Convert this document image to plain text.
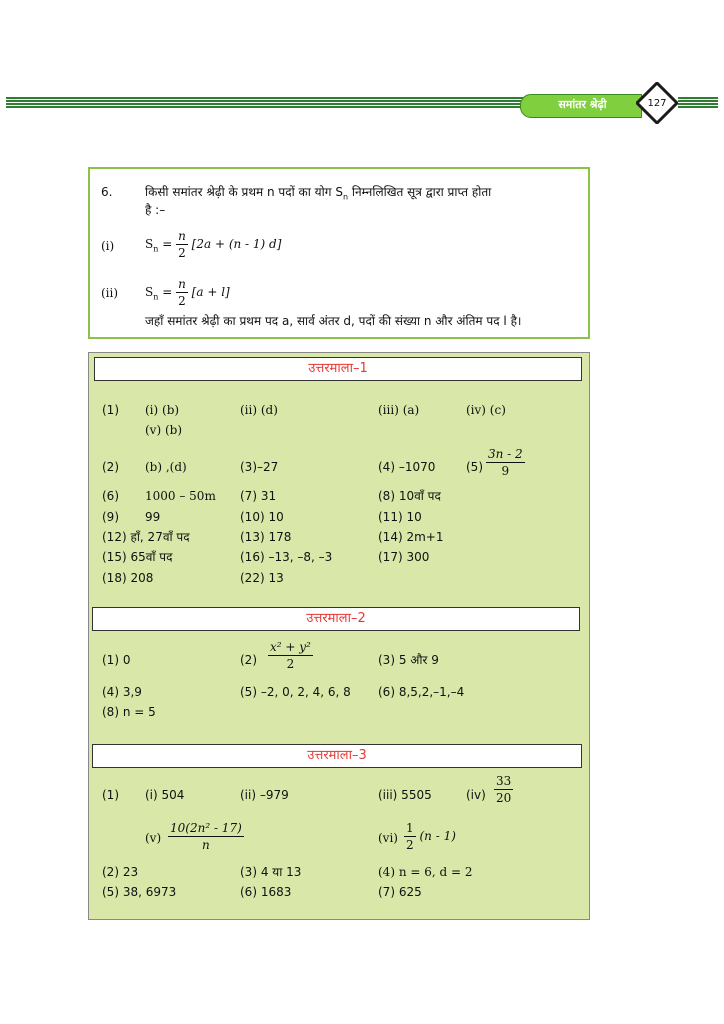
समांतर श्रेढ़ी	127
6.	किसी समांतर श्रेढ़ी के प्रथम n पदों का योग $S_n$ निम्नलिखित सूत्र द्वारा प्राप्त होता
है :–
(i)	$S_n = \frac{n}{2} [2a + (n - 1)$ d]
(ii) $S_n = \frac{n}{2} [a + l]$
जहाँ समांतर श्रेढ़ी का प्रथम पद a, सार्व अंतर d, पदों की संख्या n और अंतिम पद l है।
उत्तरमाला–1
(1) (i) (b)	(ii) (d)	(iii) (a)	(iv) (c)
(v) (b)
(2) (b) ,(d)	(3)–27	(4) –1070	$(5) \frac{3n - 2}{9}$
(6) 1000 – 50m (7) 31	(8) 10वाँ पद
(9) 99	(10) 10	(11) 10
(12) हाँ, 27वाँ पद	(13) 178	(14) 2m+1
(15) 65वाँ पद	(16) –13, –8, –3	(17) 300
(18) 208	(22) 13
उत्तरमाला–2
(1) 0	$(2) \frac{\text{x² + y²}}{2}$	(3) 5 और 9
(4) 3,9	(5) –2, 0, 2, 4, 6, 8 (6) 8,5,2,–1,–4
(8) n = 5
उत्तरमाला–3
(1) (i) 504	(ii) –979	(iii) 5505	$(iv) \frac{33}{20}$
$(v) \frac{\text{10(2n² - 17)}}{n}$	$(vi) \frac{1}{2} (n - 1)$
(2) 23	(3) 4 या 13	(4) n = 6, d = 2
(5) 38, 6973	(6) 1683	(7) 625
